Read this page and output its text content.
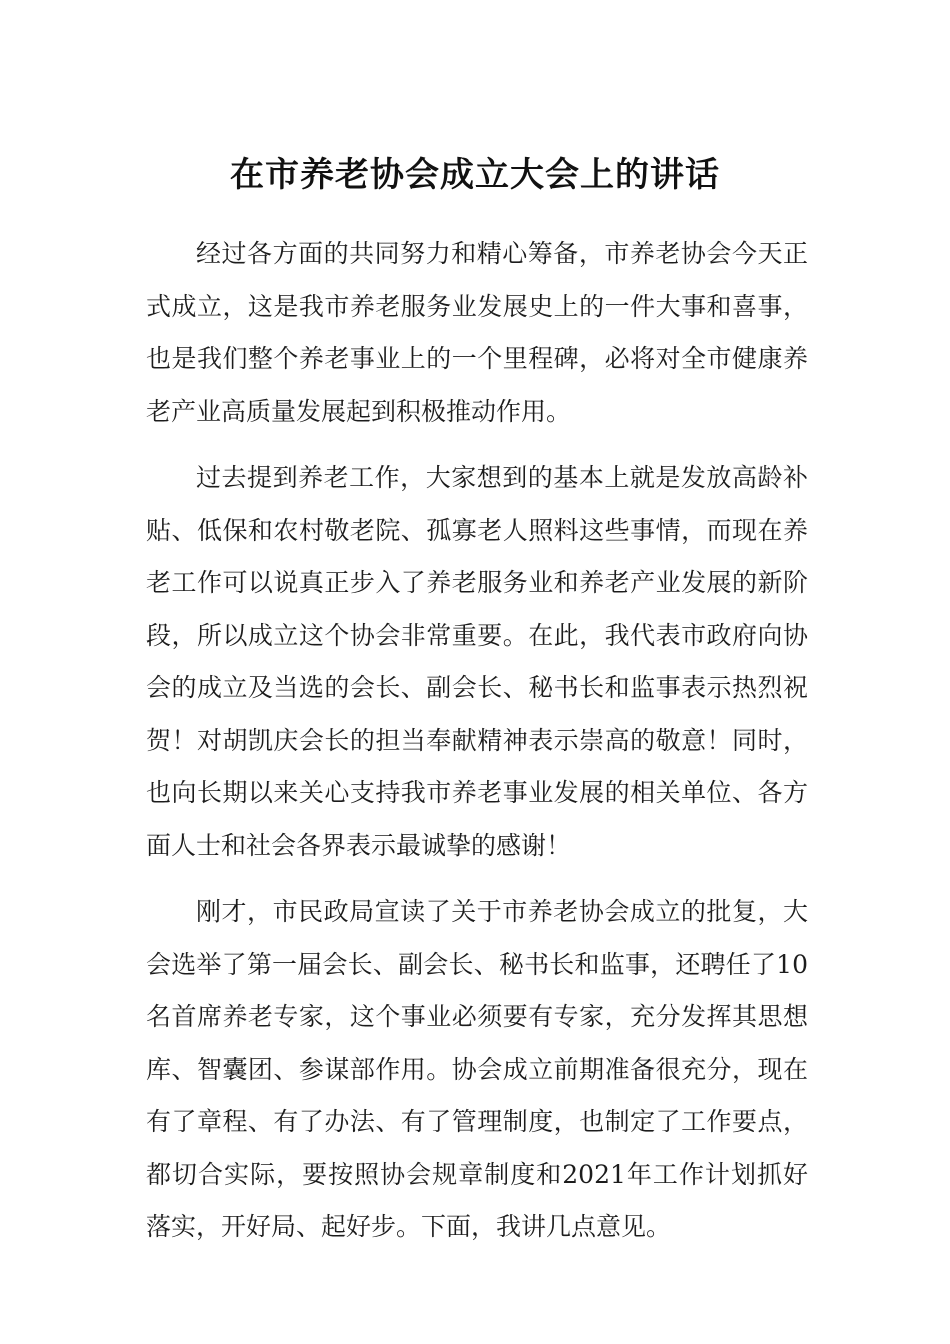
在市养老协会成立大会上的讲话

经过各方面的共同努力和精心筹备，市养老协会今天正式成立，这是我市养老服务业发展史上的一件大事和喜事，也是我们整个养老事业上的一个里程碑，必将对全市健康养老产业高质量发展起到积极推动作用。

过去提到养老工作，大家想到的基本上就是发放高龄补贴、低保和农村敬老院、孤寡老人照料这些事情，而现在养老工作可以说真正步入了养老服务业和养老产业发展的新阶段，所以成立这个协会非常重要。在此，我代表市政府向协会的成立及当选的会长、副会长、秘书长和监事表示热烈祝贺！对胡凯庆会长的担当奉献精神表示崇高的敬意！同时，也向长期以来关心支持我市养老事业发展的相关单位、各方面人士和社会各界表示最诚挚的感谢！

刚才，市民政局宣读了关于市养老协会成立的批复，大会选举了第一届会长、副会长、秘书长和监事，还聘任了10名首席养老专家，这个事业必须要有专家，充分发挥其思想库、智囊团、参谋部作用。协会成立前期准备很充分，现在有了章程、有了办法、有了管理制度，也制定了工作要点，都切合实际，要按照协会规章制度和2021年工作计划抓好落实，开好局、起好步。下面，我讲几点意见。
